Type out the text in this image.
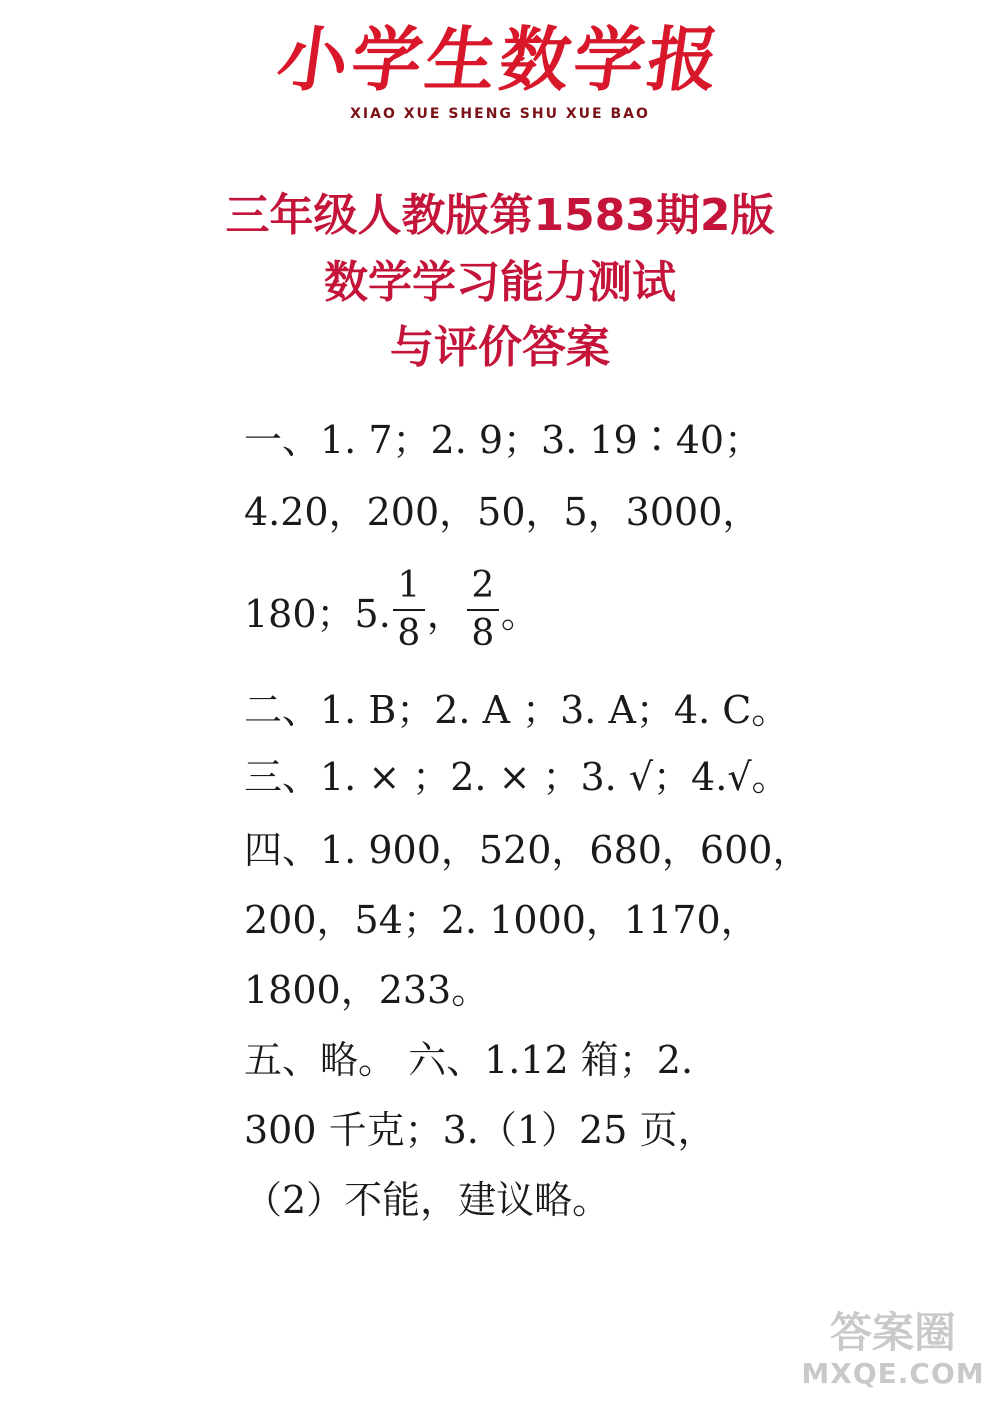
小学生数学报
XIAO XUE SHENG SHU XUE BAO
三年级人教版第1583期2版
数学学习能力测试
与评价答案
一、1. 7；2. 9；3. 19∶40；
4.20，200，50，5，3000，
180；5. $\frac{1}{8}$ ， $\frac{2}{8}$ 。
二、1. B；2. A ；3. A；4. C。
三、1. × ；2. × ；3. √；4.√。
四、1. 900，520，680，600，
200，54；2. 1000，1170，
1800，233。
五、略。 六、1.12 箱；2.
300 千克；3.（1）25 页，
（2）不能，建议略。
答案圈
MXQE.COM
